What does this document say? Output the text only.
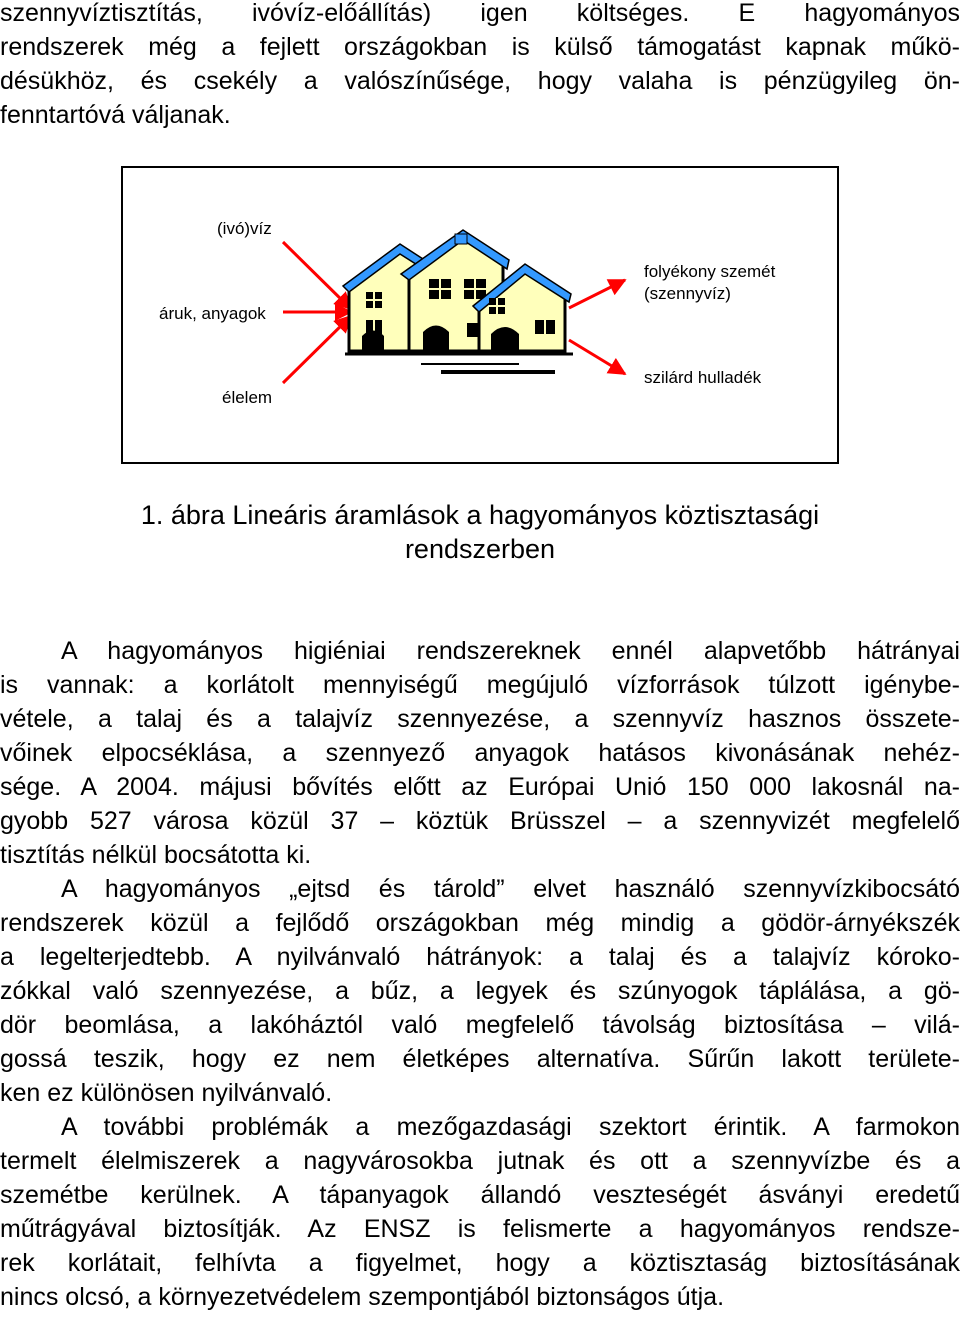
szennyvíztisztítás, ivóvíz-előállítás) igen költséges. E hagyományos
rendszerek még a fejlett országokban is külső támogatást kapnak műkö-
désükhöz, és csekély a valószínűsége, hogy valaha is pénzügyileg ön-
fenntartóvá váljanak.
(ivó)víz
áruk, anyagok
élelem
folyékony szemét
(szennyvíz)
szilárd hulladék
1. ábra Lineáris áramlások a hagyományos köztisztasági
rendszerben
A hagyományos higiéniai rendszereknek ennél alapvetőbb hátrányai
is vannak: a korlátolt mennyiségű megújuló vízforrások túlzott igénybe-
vétele, a talaj és a talajvíz szennyezése, a szennyvíz hasznos összete-
vőinek elpocséklása, a szennyező anyagok hatásos kivonásának nehéz-
sége. A 2004. májusi bővítés előtt az Európai Unió 150 000 lakosnál na-
gyobb 527 városa közül 37 – köztük Brüsszel – a szennyvizét megfelelő
tisztítás nélkül bocsátotta ki.
A hagyományos „ejtsd és tárold” elvet használó szennyvízkibocsátó
rendszerek közül a fejlődő országokban még mindig a gödör-árnyékszék
a legelterjedtebb. A nyilvánvaló hátrányok: a talaj és a talajvíz kóroko-
zókkal való szennyezése, a bűz, a legyek és szúnyogok táplálása, a gö-
dör beomlása, a lakóháztól való megfelelő távolság biztosítása – vilá-
gossá teszik, hogy ez nem életképes alternatíva. Sűrűn lakott területe-
ken ez különösen nyilvánvaló.
A további problémák a mezőgazdasági szektort érintik. A farmokon
termelt élelmiszerek a nagyvárosokba jutnak és ott a szennyvízbe és a
szemétbe kerülnek. A tápanyagok állandó veszteségét ásványi eredetű
műtrágyával biztosítják. Az ENSZ is felismerte a hagyományos rendsze-
rek korlátait, felhívta a figyelmet, hogy a köztisztaság biztosításának
nincs olcsó, a környezetvédelem szempontjából biztonságos útja.
